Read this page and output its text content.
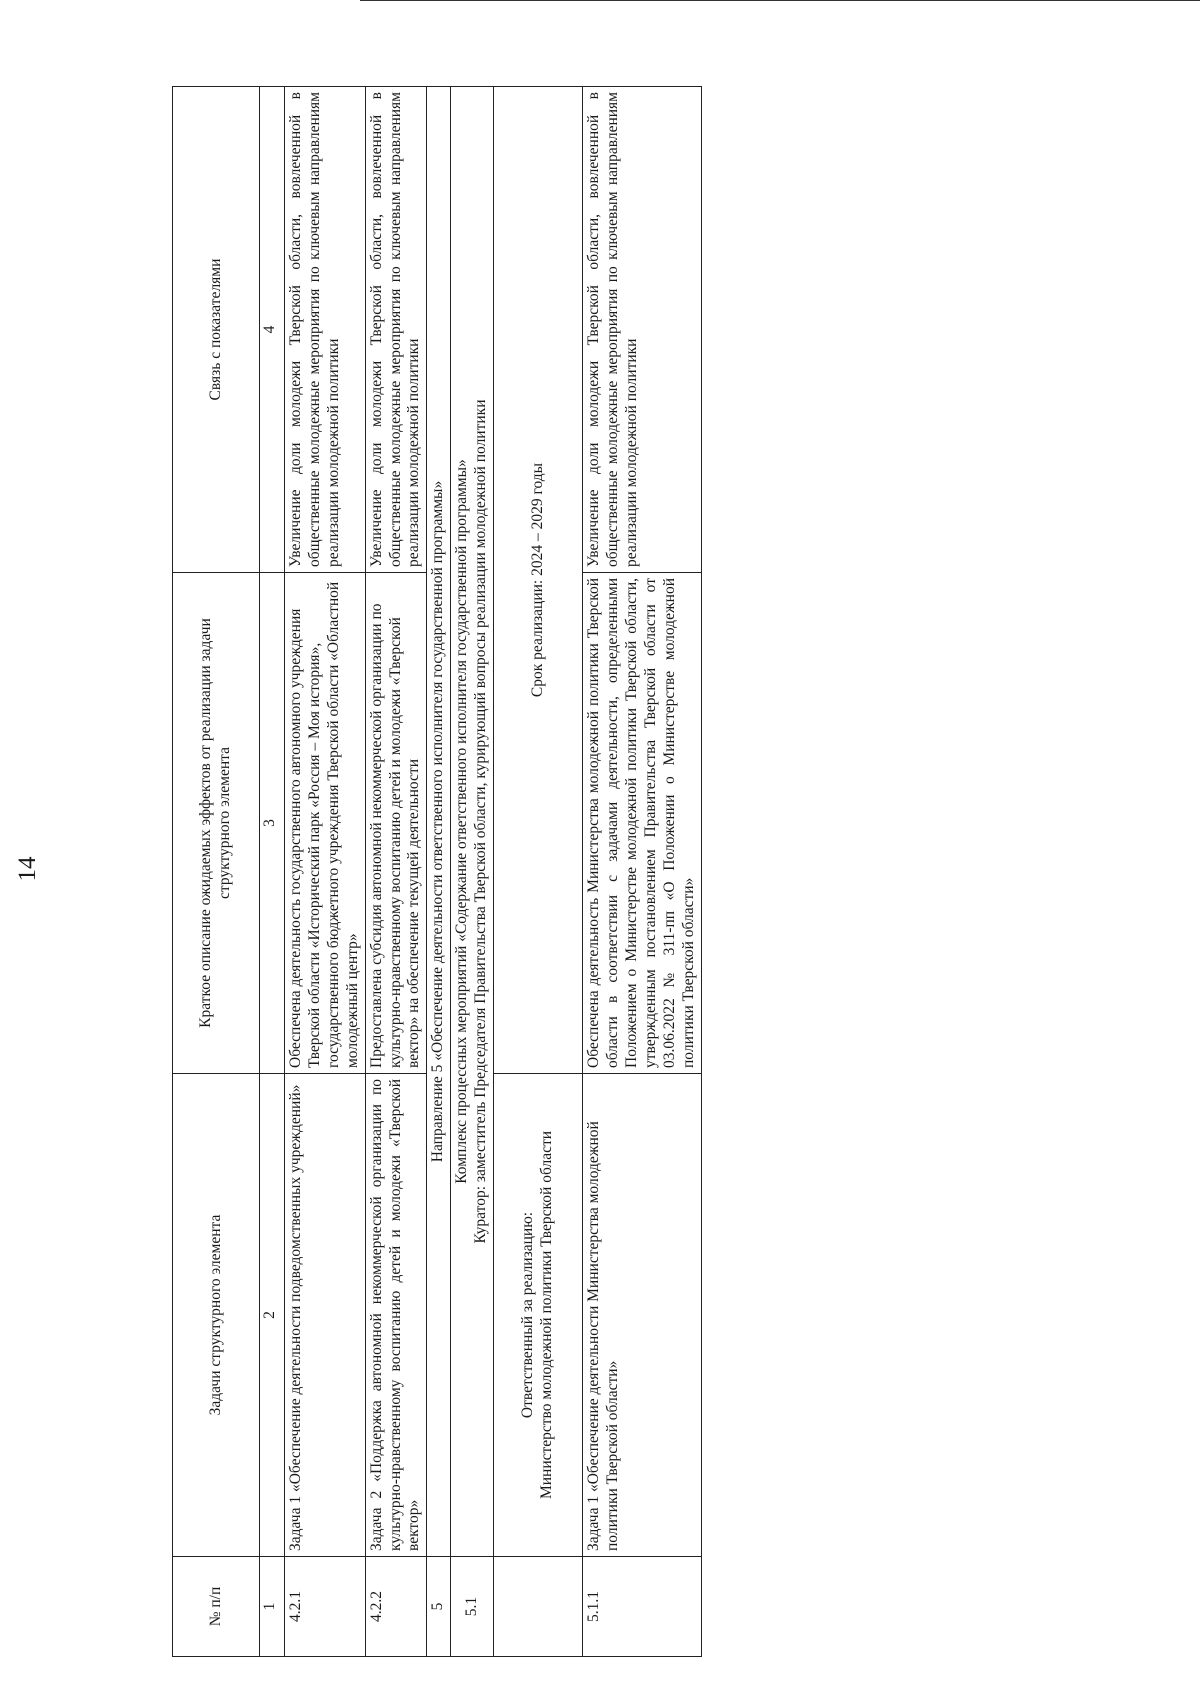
14
№ п/п	Задачи структурного элемента	Краткое описание ожидаемых эффектов от реализации задачи структурного элемента	Связь с показателями
1	2	3	4
4.2.1	Задача 1 «Обеспечение деятельности подведомственных учреждений»	Обеспечена деятельность государственного автономного учреждения Тверской области «Исторический парк «Россия – Моя история», государственного бюджетного учреждения Тверской области «Областной молодежный центр»	Увеличение доли молодежи Тверской области, вовлеченной в общественные молодежные мероприятия по ключевым направлениям реализации молодежной политики
4.2.2	Задача 2 «Поддержка автономной некоммерческой организации по культурно-нравственному воспитанию детей и молодежи «Тверской вектор»	Предоставлена субсидия автономной некоммерческой организации по культурно-нравственному воспитанию детей и молодежи «Тверской вектор» на обеспечение текущей деятельности	Увеличение доли молодежи Тверской области, вовлеченной в общественные молодежные мероприятия по ключевым направлениям реализации молодежной политики
5	Направление 5 «Обеспечение деятельности ответственного исполнителя государственной программы»		
5.1	Комплекс процессных мероприятий «Содержание ответственного исполнителя государственной программы» Куратор: заместитель Председателя Правительства Тверской области, курирующий вопросы реализации молодежной политики		

	Ответственный за реализацию: Министерство молодежной политики Тверской области	Срок реализации: 2024 – 2029 годы	
5.1.1	Задача 1 «Обеспечение деятельности Министерства молодежной политики Тверской области»	Обеспечена деятельность Министерства молодежной политики Тверской области в соответствии с задачами деятельности, определенными Положением о Министерстве молодежной политики Тверской области, утвержденным постановлением Правительства Тверской области от 03.06.2022 № 311-пп «О Положении о Министерстве молодежной политики Тверской области»	Увеличение доли молодежи Тверской области, вовлеченной в общественные молодежные мероприятия по ключевым направлениям реализации молодежной политики
